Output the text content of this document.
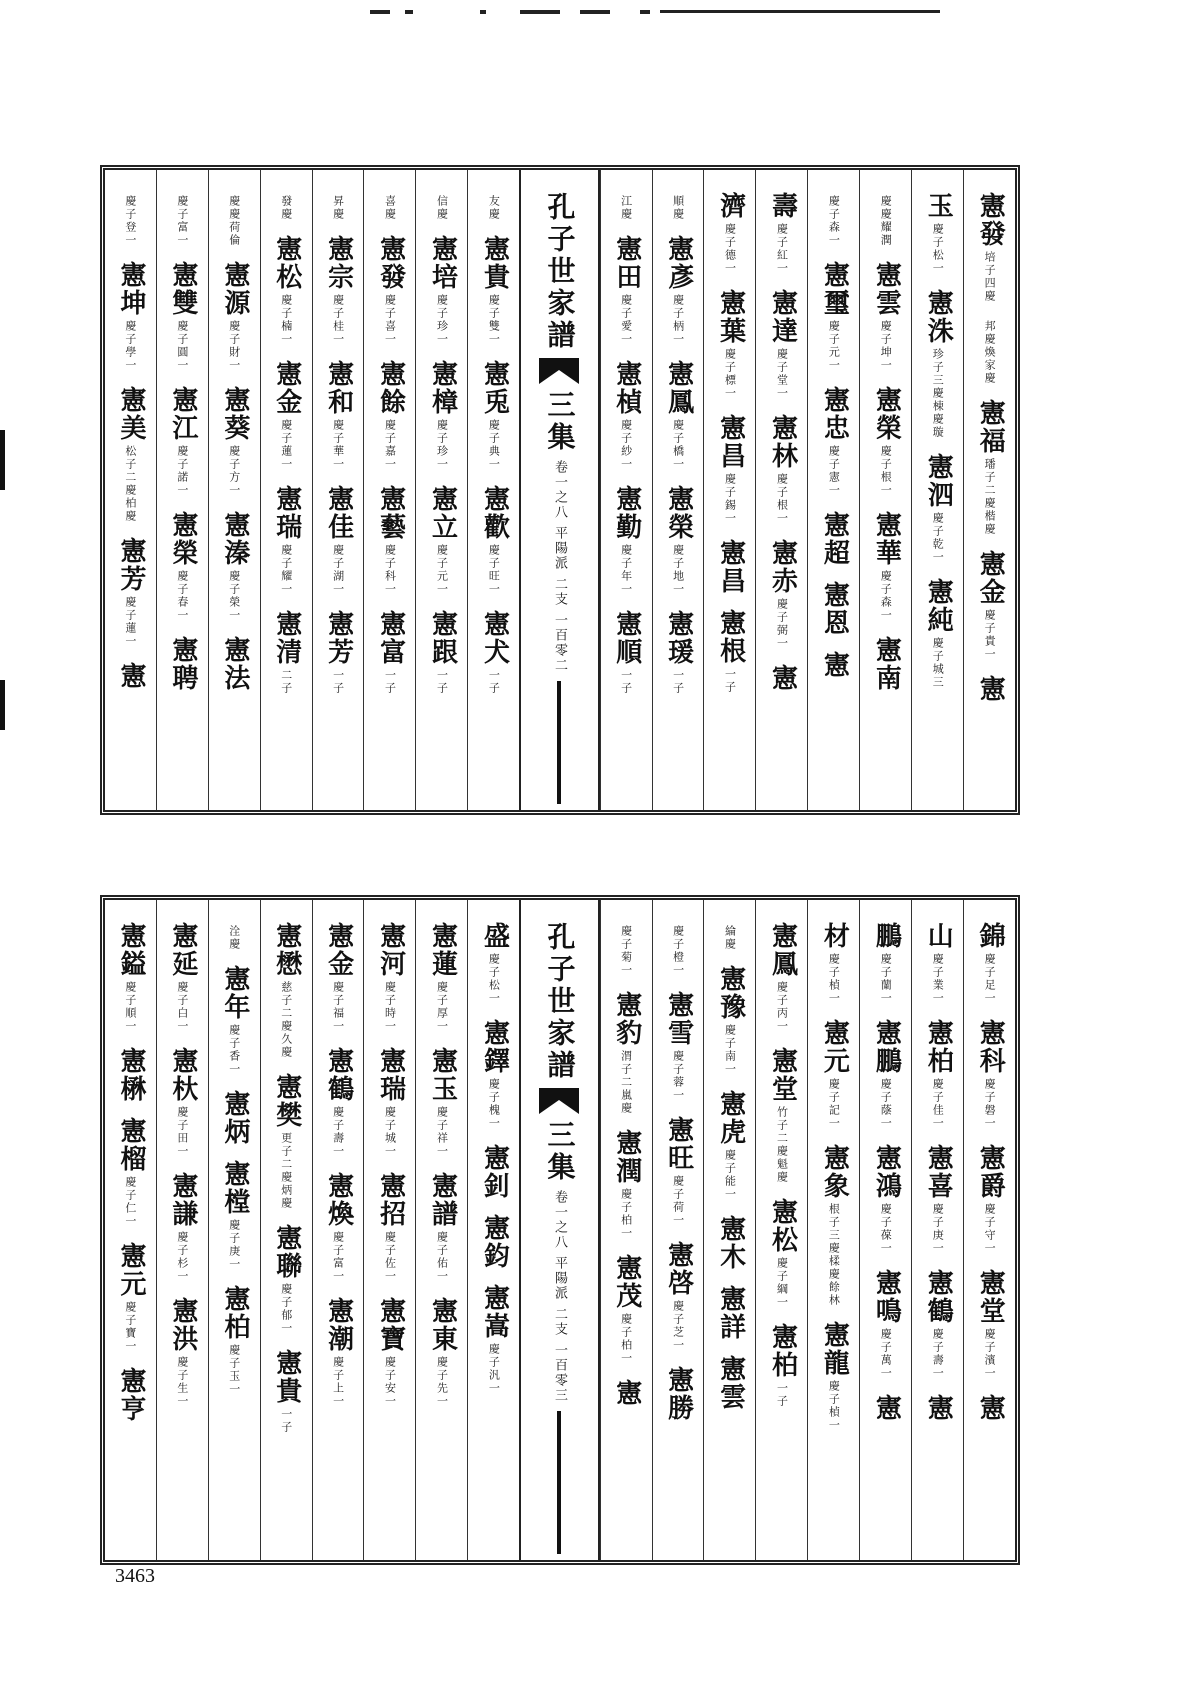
憲發
培子四慶
邦慶煥家慶
憲福
璠子二慶楷慶
憲金
慶子貴一
憲
玉
慶子松一
憲洙
珍子三慶棟慶璇
憲泗
慶子乾一
憲純
慶子城三
慶慶耀潤
憲雲
慶子坤一
憲榮
慶子根一
憲華
慶子森一
憲南
慶子森一
憲璽
慶子元一
憲忠
慶子憲一
憲超
憲恩
憲
壽
慶子紅一
憲達
慶子堂一
憲林
慶子根一
憲赤
慶子弼一
憲
濟
慶子德一
憲葉
慶子標一
憲昌
慶子錫一
憲昌
憲根
一子
順慶
憲彥
慶子柄一
憲鳳
慶子橋一
憲榮
慶子地一
憲瑗
一子
江慶
憲田
慶子愛一
憲楨
慶子紗一
憲勤
慶子年一
憲順
一子
孔子世家譜
三集
卷一之八
平陽派
二支
一百零二
友慶
憲貴
慶子雙一
憲兎
慶子典一
憲歡
慶子旺一
憲犬
一子
信慶
憲培
慶子珍一
憲樟
慶子珍一
憲立
慶子元一
憲跟
一子
喜慶
憲發
慶子喜一
憲餘
慶子嘉一
憲藝
慶子科一
憲富
一子
昇慶
憲宗
慶子桂一
憲和
慶子華一
憲佳
慶子湖一
憲芳
一子
發慶
憲松
慶子楠一
憲金
慶子蓮一
憲瑞
慶子耀一
憲清
二子
慶慶荷倫
憲源
慶子財一
憲葵
慶子方一
憲溱
慶子榮一
憲法
慶子富一
憲雙
慶子圓一
憲江
慶子諾一
憲榮
慶子春一
憲聘
慶子登一
憲坤
慶子學一
憲美
松子二慶柏慶
憲芳
慶子蓮一
憲
錦
慶子足一
憲科
慶子磐一
憲爵
慶子守一
憲堂
慶子濱一
憲
山
慶子業一
憲柏
慶子佳一
憲喜
慶子庚一
憲鶴
慶子壽一
憲
鵬
慶子蘭一
憲鵬
慶子蔭一
憲鴻
慶子葆一
憲鳴
慶子萬一
憲
材
慶子楨一
憲元
慶子記一
憲象
根子三慶楺慶餘林
憲龍
慶子楨一
憲鳳
慶子丙一
憲堂
竹子二慶魁慶
憲松
慶子綱一
憲柏
一子
綸慶
憲豫
慶子南一
憲虎
慶子能一
憲木
憲詳
憲雲
慶子橙一
憲雪
慶子蓉一
憲旺
慶子荷一
憲啓
慶子芝一
憲勝
慶子菊一
憲豹
渭子二嵐慶
憲潤
慶子柏一
憲茂
慶子柏一
憲
孔子世家譜
三集
卷一之八
平陽派
二支
一百零三
盛
慶子松一
憲鐸
慶子槐一
憲釗
憲鈞
憲嵩
慶子汎一
憲蓮
慶子厚一
憲玉
慶子祥一
憲譜
慶子佑一
憲東
慶子先一
憲河
慶子時一
憲瑞
慶子城一
憲招
慶子佐一
憲寶
慶子安一
憲金
慶子福一
憲鶴
慶子壽一
憲煥
慶子富一
憲潮
慶子上一
憲懋
慈子二慶久慶
憲樊
更子二慶炳慶
憲聯
慶子郁一
憲貴
一子
洤慶
憲年
慶子香一
憲炳
憲樘
慶子庚一
憲柏
慶子玉一
憲延
慶子白一
憲杕
慶子田一
憲謙
慶子杉一
憲洪
慶子生一
憲鎰
慶子順一
憲楙
憲榴
慶子仁一
憲元
慶子寶一
憲亨
3463
